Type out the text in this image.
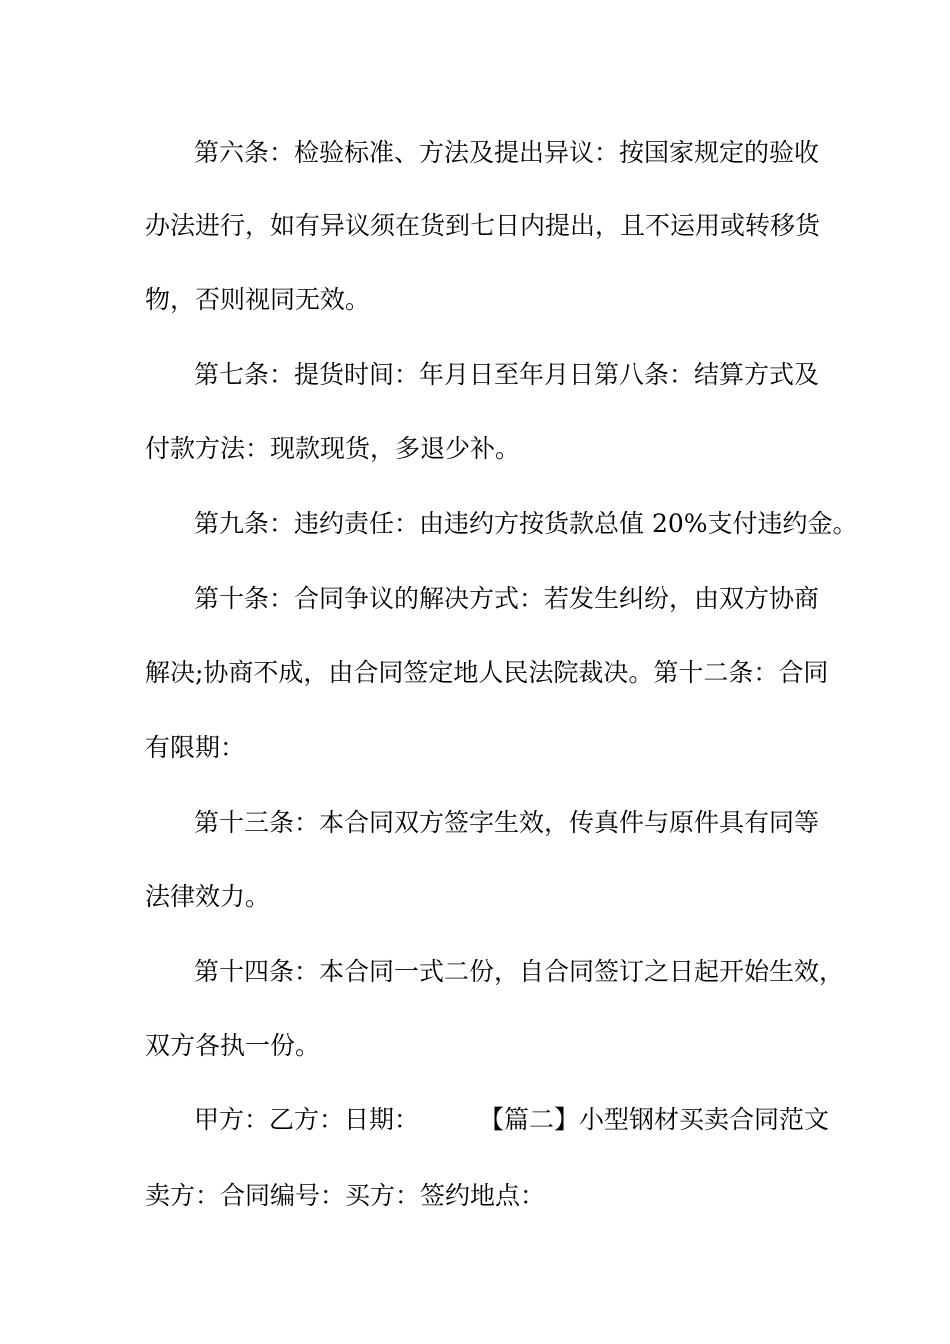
第六条：检验标准、方法及提出异议：按国家规定的验收
办法进行，如有异议须在货到七日内提出，且不运用或转移货
物，否则视同无效。
第七条：提货时间：年月日至年月日第八条：结算方式及
付款方法：现款现货，多退少补。
第九条：违约责任：由违约方按货款总值 20%支付违约金。
第十条：合同争议的解决方式：若发生纠纷，由双方协商
解决;协商不成，由合同签定地人民法院裁决。第十二条：合同
有限期：
第十三条：本合同双方签字生效，传真件与原件具有同等
法律效力。
第十四条：本合同一式二份，自合同签订之日起开始生效，
双方各执一份。
甲方：乙方：日期： 【篇二】小型钢材买卖合同范文
卖方：合同编号：买方：签约地点：
